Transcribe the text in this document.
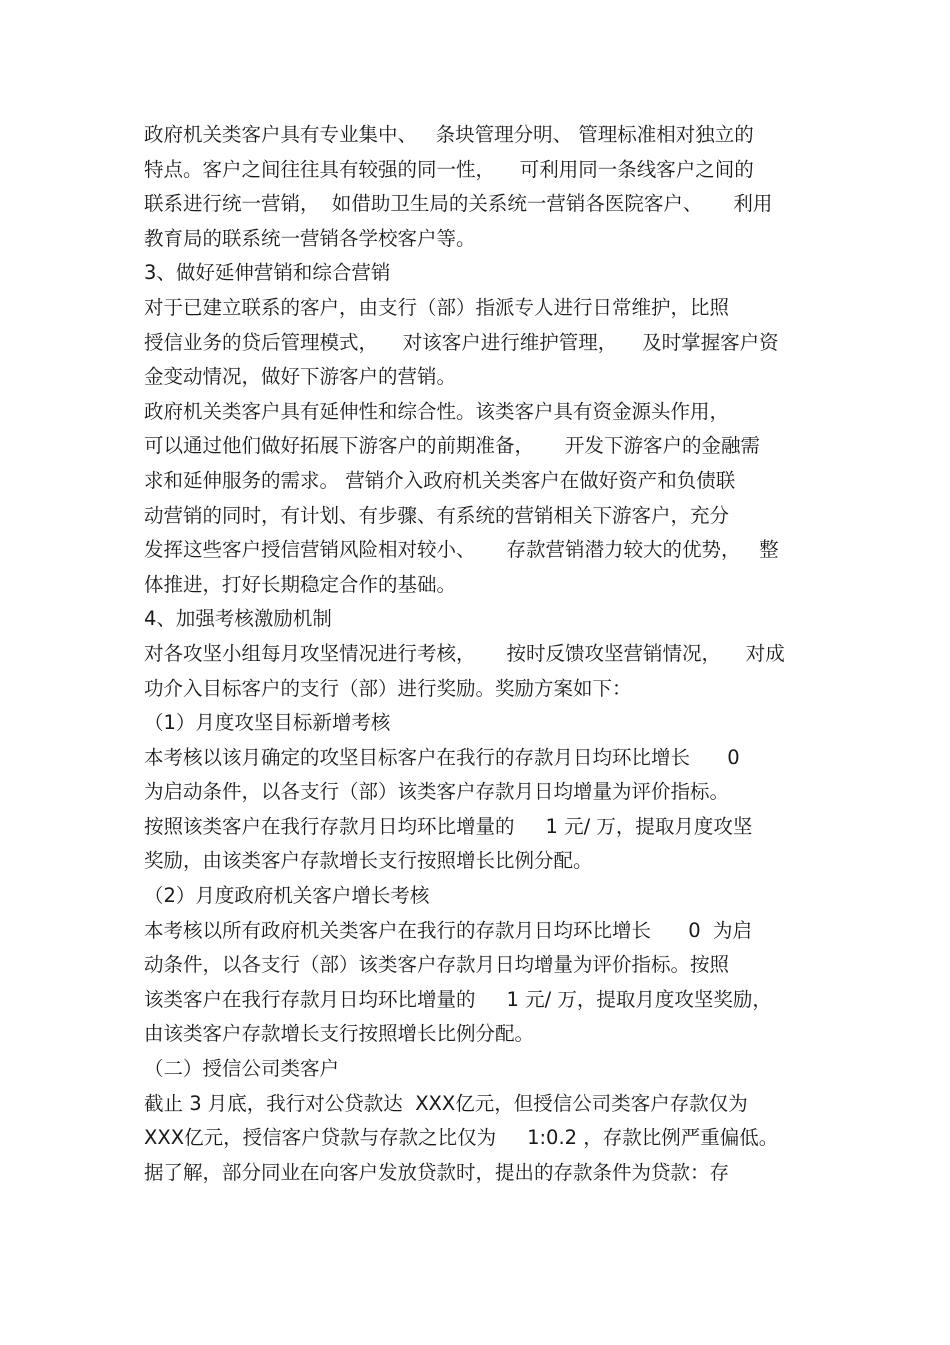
政府机关类客户具有专业集中、   条块管理分明、 管理标准相对独立的
特点。客户之间往往具有较强的同一性，    可利用同一条线客户之间的
联系进行统一营销，  如借助卫生局的关系统一营销各医院客户、     利用
教育局的联系统一营销各学校客户等。
3、做好延伸营销和综合营销
对于已建立联系的客户，由支行（部）指派专人进行日常维护，比照
授信业务的贷后管理模式，    对该客户进行维护管理，    及时掌握客户资
金变动情况，做好下游客户的营销。
政府机关类客户具有延伸性和综合性。该类客户具有资金源头作用，
可以通过他们做好拓展下游客户的前期准备，     开发下游客户的金融需
求和延伸服务的需求。 营销介入政府机关类客户在做好资产和负债联
动营销的同时，有计划、有步骤、有系统的营销相关下游客户，充分
发挥这些客户授信营销风险相对较小、     存款营销潜力较大的优势，   整
体推进，打好长期稳定合作的基础。
4、加强考核激励机制
对各攻坚小组每月攻坚情况进行考核，     按时反馈攻坚营销情况，    对成
功介入目标客户的支行（部）进行奖励。奖励方案如下：
（1）月度攻坚目标新增考核
本考核以该月确定的攻坚目标客户在我行的存款月日均环比增长      0
为启动条件，以各支行（部）该类客户存款月日均增量为评价指标。
按照该类客户在我行存款月日均环比增量的     1 元/ 万，提取月度攻坚
奖励，由该类客户存款增长支行按照增长比例分配。
（2）月度政府机关客户增长考核
本考核以所有政府机关类客户在我行的存款月日均环比增长      0  为启
动条件，以各支行（部）该类客户存款月日均增量为评价指标。按照
该类客户在我行存款月日均环比增量的     1 元/ 万，提取月度攻坚奖励，
由该类客户存款增长支行按照增长比例分配。
（二）授信公司类客户
截止 3 月底，我行对公贷款达  XXX亿元，但授信公司类客户存款仅为
XXX亿元，授信客户贷款与存款之比仅为     1:0.2 ，存款比例严重偏低。
据了解，部分同业在向客户发放贷款时，提出的存款条件为贷款：存
